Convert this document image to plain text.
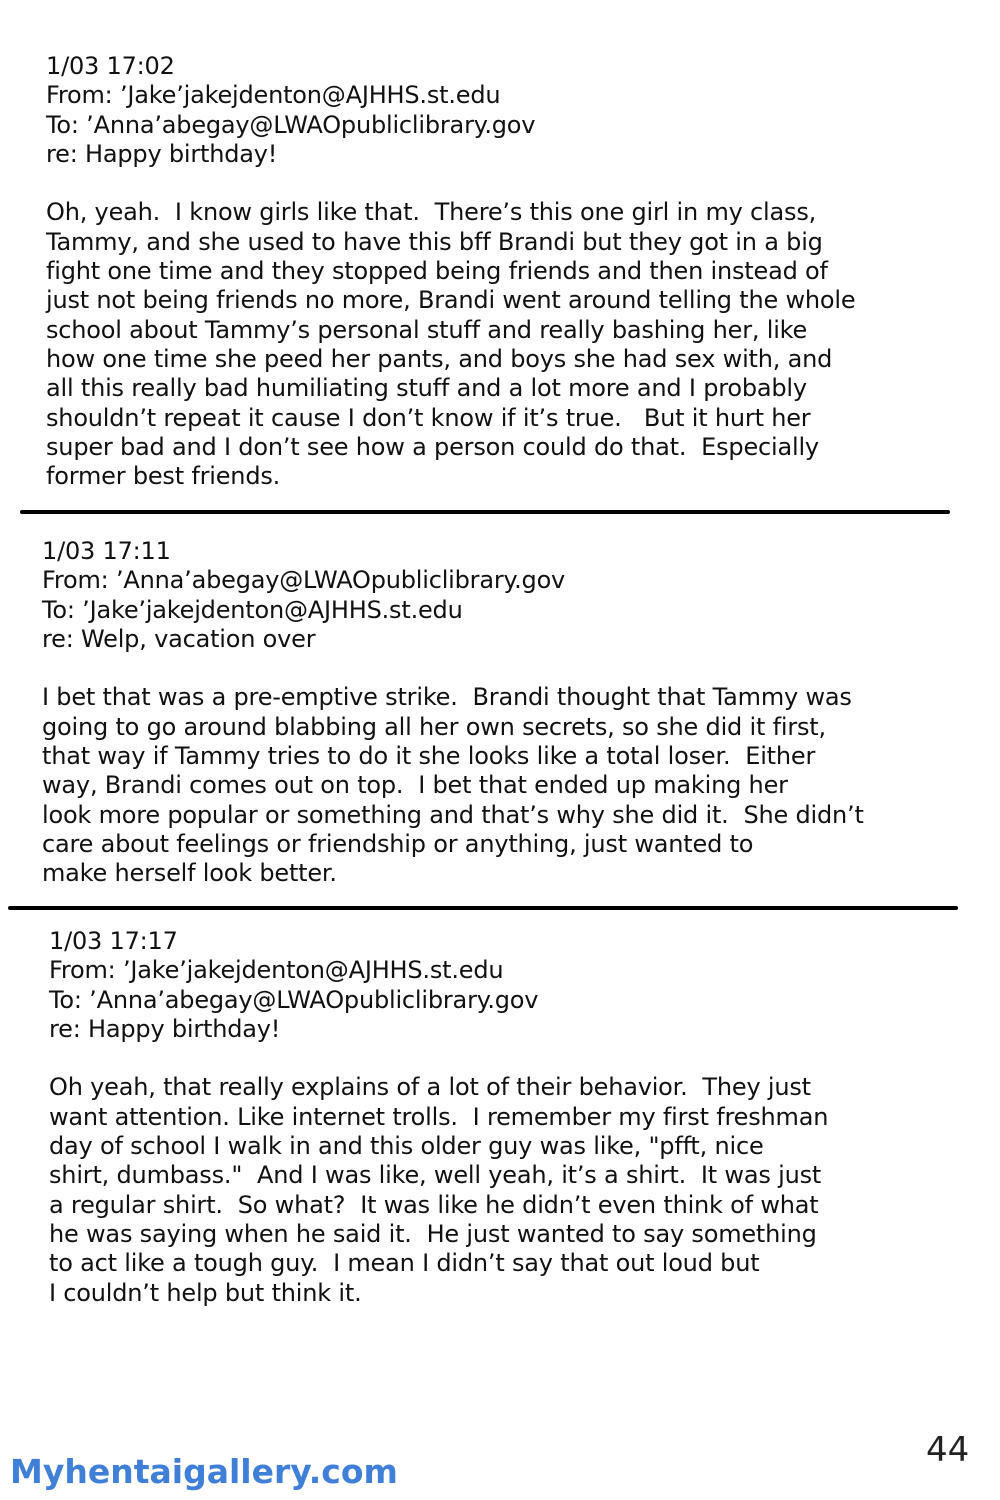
1/03 17:02
From: ’Jake’jakejdenton@AJHHS.st.edu
To: ’Anna’abegay@LWAOpubliclibrary.gov
re: Happy birthday!
Oh, yeah.  I know girls like that.  There’s this one girl in my class,
Tammy, and she used to have this bff Brandi but they got in a big
fight one time and they stopped being friends and then instead of
just not being friends no more, Brandi went around telling the whole
school about Tammy’s personal stuff and really bashing her, like
how one time she peed her pants, and boys she had sex with, and
all this really bad humiliating stuff and a lot more and I probably
shouldn’t repeat it cause I don’t know if it’s true.   But it hurt her
super bad and I don’t see how a person could do that.  Especially
former best friends.
1/03 17:11
From: ’Anna’abegay@LWAOpubliclibrary.gov
To: ’Jake’jakejdenton@AJHHS.st.edu
re: Welp, vacation over
I bet that was a pre-emptive strike.  Brandi thought that Tammy was
going to go around blabbing all her own secrets, so she did it first,
that way if Tammy tries to do it she looks like a total loser.  Either
way, Brandi comes out on top.  I bet that ended up making her
look more popular or something and that’s why she did it.  She didn’t
care about feelings or friendship or anything, just wanted to
make herself look better.
1/03 17:17
From: ’Jake’jakejdenton@AJHHS.st.edu
To: ’Anna’abegay@LWAOpubliclibrary.gov
re: Happy birthday!
Oh yeah, that really explains of a lot of their behavior.  They just
want attention. Like internet trolls.  I remember my first freshman
day of school I walk in and this older guy was like, "pfft, nice
shirt, dumbass."  And I was like, well yeah, it’s a shirt.  It was just
a regular shirt.  So what?  It was like he didn’t even think of what
he was saying when he said it.  He just wanted to say something
to act like a tough guy.  I mean I didn’t say that out loud but
I couldn’t help but think it.
Myhentaigallery.com
44
